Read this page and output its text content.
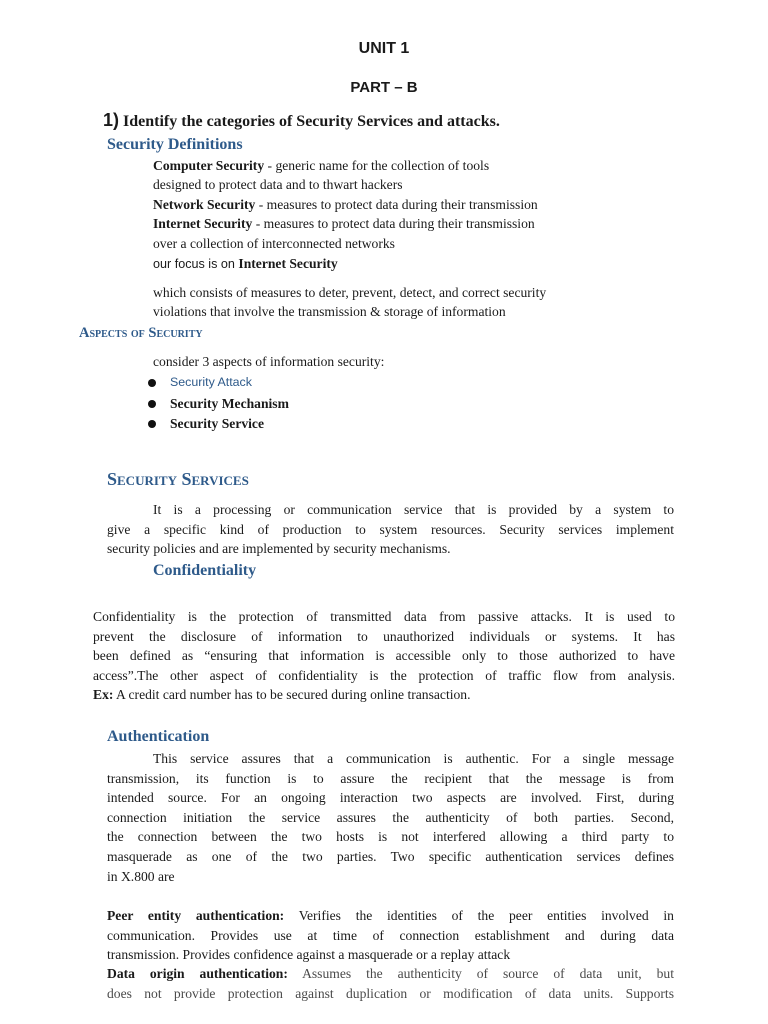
UNIT 1
PART – B
1) Identify the categories of Security Services and attacks.
Security Definitions
Computer Security - generic name for the collection of tools
designed to protect data and to thwart hackers
Network Security - measures to protect data during their transmission
Internet Security - measures to protect data during their transmission
over a collection of interconnected networks
our focus is on Internet Security
which consists of measures to deter, prevent, detect, and correct security
violations that involve the transmission & storage of information
Aspects of Security
consider 3 aspects of information security:
Security Attack
Security Mechanism
Security Service
Security Services
It is a processing or communication service that is provided by a system to
give a specific kind of production to system resources. Security services implement
security policies and are implemented by security mechanisms.
Confidentiality
Confidentiality is the protection of transmitted data from passive attacks. It is used to
prevent the disclosure of information to unauthorized individuals or systems. It has
been defined as “ensuring that information is accessible only to those authorized to have
access”.The other aspect of confidentiality is the protection of traffic flow from analysis.
Ex: A credit card number has to be secured during online transaction.
Authentication
This service assures that a communication is authentic. For a single message
transmission, its function is to assure the recipient that the message is from
intended source. For an ongoing interaction two aspects are involved. First, during
connection initiation the service assures the authenticity of both parties. Second,
the connection between the two hosts is not interfered allowing a third party to
masquerade as one of the two parties. Two specific authentication services defines
in X.800 are
Peer entity authentication: Verifies the identities of the peer entities involved in
communication. Provides use at time of connection establishment and during data
transmission. Provides confidence against a masquerade or a replay attack
Data origin authentication: Assumes the authenticity of source of data unit, but
does not provide protection against duplication or modification of data units. Supports
